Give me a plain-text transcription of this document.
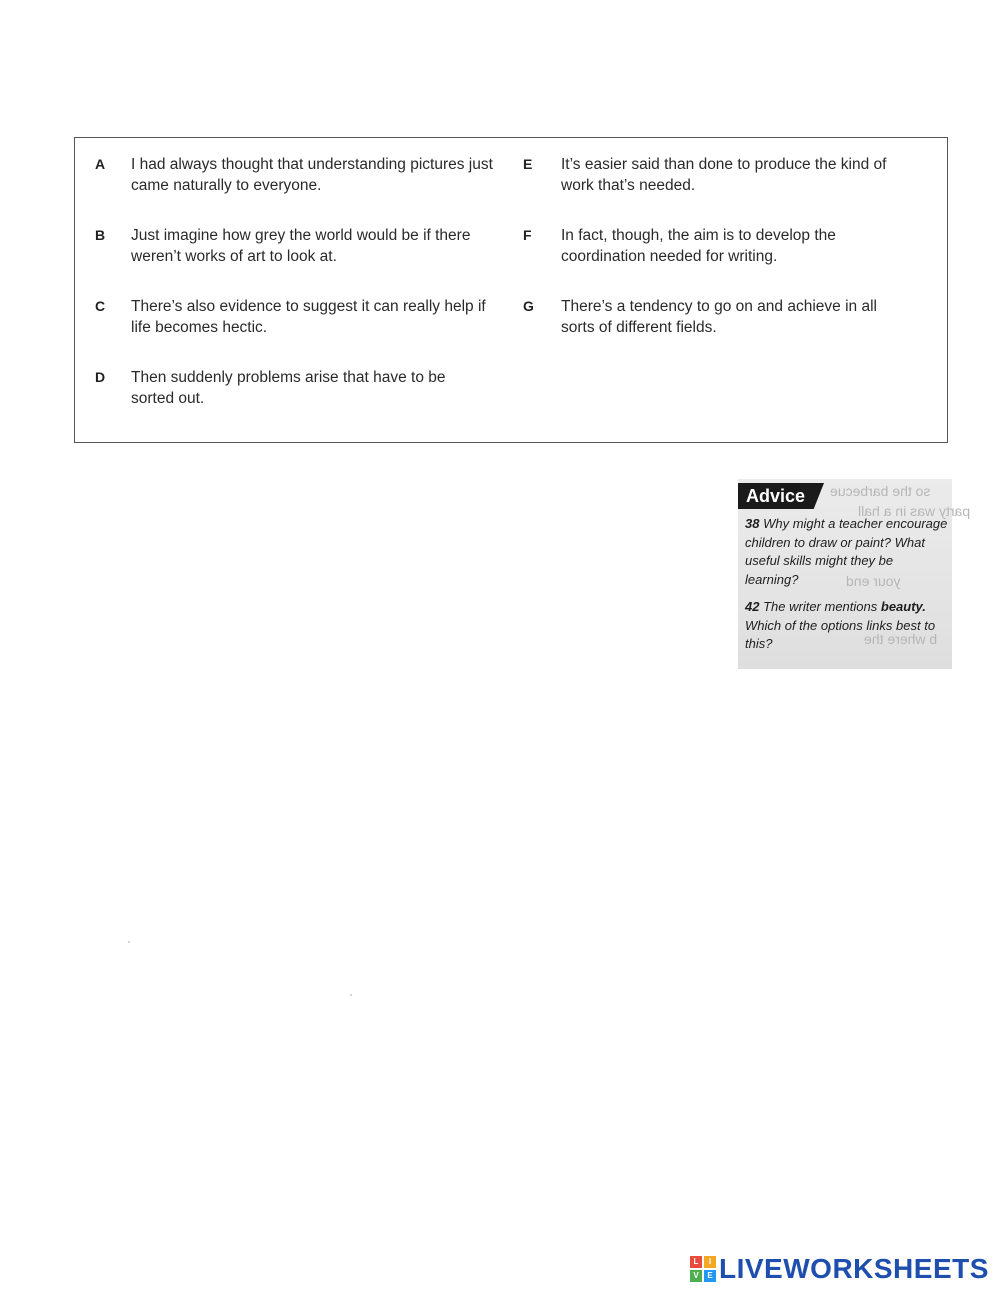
A	I had always thought that understanding pictures just came naturally to everyone.
B	Just imagine how grey the world would be if there weren’t works of art to look at.
C	There’s also evidence to suggest it can really help if life becomes hectic.
D	Then suddenly problems arise that have to be sorted out.
E	It’s easier said than done to produce the kind of work that’s needed.
F	In fact, though, the aim is to develop the coordination needed for writing.
G	There’s a tendency to go on and achieve in all sorts of different fields.
so the barbecue
party was in a hall
your end
b where the
Advice
38 Why might a teacher encourage children to draw or paint? What useful skills might they be learning?
42 The writer mentions beauty. Which of the options links best to this?
L	I
V	E LIVEWORKSHEETS
